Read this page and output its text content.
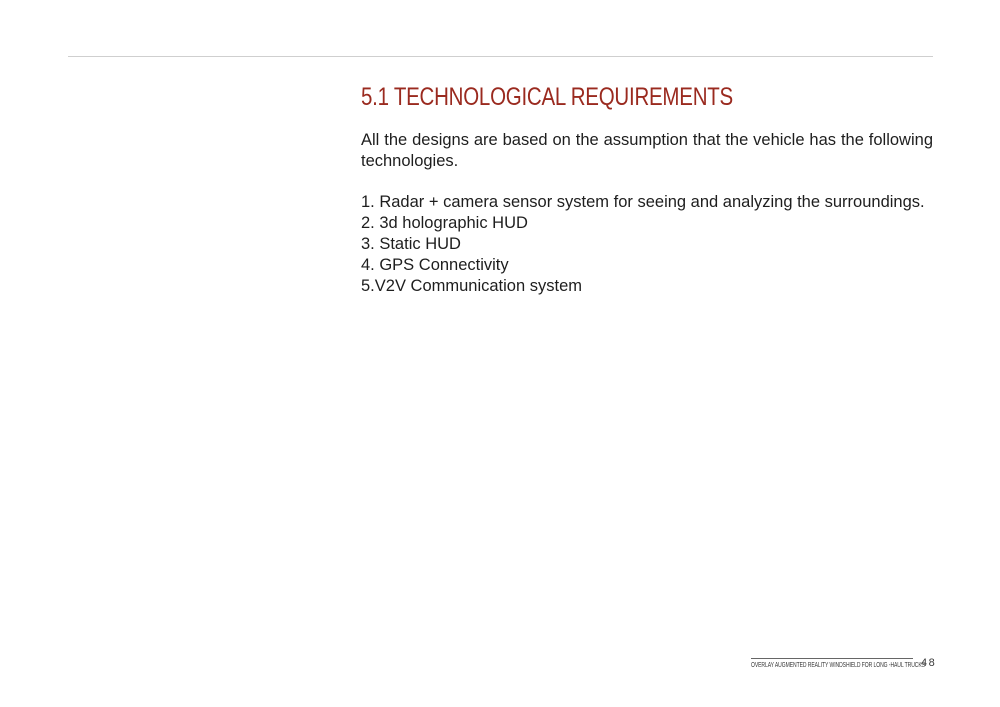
5.1 TECHNOLOGICAL REQUIREMENTS

All the designs are based on the assumption that the vehicle has the following technologies.

1. Radar + camera sensor system for seeing and analyzing the surroundings.
2. 3d holographic HUD
3. Static HUD
4. GPS Connectivity
5.V2V Communication system
OVERLAY AUGMENTED REALITY WINDSHIELD FOR LONG -HAUL TRUCKS
48
